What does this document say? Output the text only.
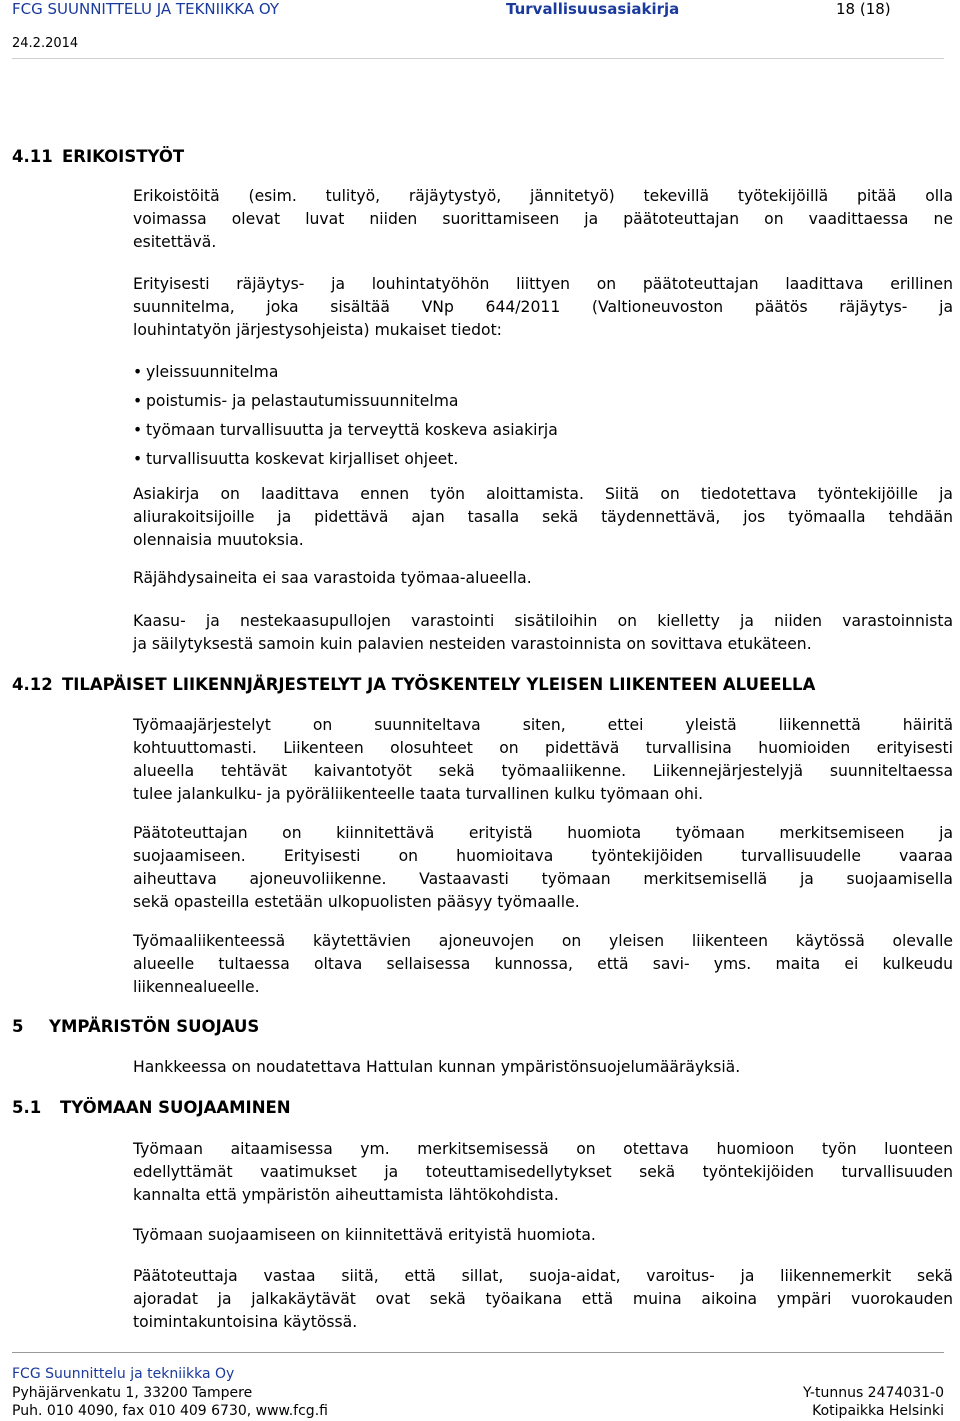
FCG SUUNNITTELU JA TEKNIIKKA OY	Turvallisuusasiakirja	18 (18)
24.2.2014
4.11 ERIKOISTYÖT
Erikoistöitä (esim. tulityö, räjäytystyö, jännitetyö) tekevillä työtekijöillä pitää olla
voimassa olevat luvat niiden suorittamiseen ja päätoteuttajan on vaadittaessa ne
esitettävä.
Erityisesti räjäytys- ja louhintatyöhön liittyen on päätoteuttajan laadittava erillinen
suunnitelma, joka sisältää VNp 644/2011 (Valtioneuvoston päätös räjäytys- ja
louhintatyön järjestysohjeista) mukaiset tiedot:
• yleissuunnitelma
• poistumis- ja pelastautumissuunnitelma
• työmaan turvallisuutta ja terveyttä koskeva asiakirja
• turvallisuutta koskevat kirjalliset ohjeet.
Asiakirja on laadittava ennen työn aloittamista. Siitä on tiedotettava työntekijöille ja
aliurakoitsijoille ja pidettävä ajan tasalla sekä täydennettävä, jos työmaalla tehdään
olennaisia muutoksia.
Räjähdysaineita ei saa varastoida työmaa-alueella.
Kaasu- ja nestekaasupullojen varastointi sisätiloihin on kielletty ja niiden varastoinnista
ja säilytyksestä samoin kuin palavien nesteiden varastoinnista on sovittava etukäteen.
4.12 TILAPÄISET LIIKENNJÄRJESTELYT JA TYÖSKENTELY YLEISEN LIIKENTEEN ALUEELLA
Työmaajärjestelyt on suunniteltava siten, ettei yleistä liikennettä häiritä
kohtuuttomasti. Liikenteen olosuhteet on pidettävä turvallisina huomioiden erityisesti
alueella tehtävät kaivantotyöt sekä työmaaliikenne. Liikennejärjestelyjä suunniteltaessa
tulee jalankulku- ja pyöräliikenteelle taata turvallinen kulku työmaan ohi.
Päätoteuttajan on kiinnitettävä erityistä huomiota työmaan merkitsemiseen ja
suojaamiseen. Erityisesti on huomioitava työntekijöiden turvallisuudelle vaaraa
aiheuttava ajoneuvoliikenne. Vastaavasti työmaan merkitsemisellä ja suojaamisella
sekä opasteilla estetään ulkopuolisten pääsyy työmaalle.
Työmaaliikenteessä käytettävien ajoneuvojen on yleisen liikenteen käytössä olevalle
alueelle tultaessa oltava sellaisessa kunnossa, että savi- yms. maita ei kulkeudu
liikennealueelle.
5 YMPÄRISTÖN SUOJAUS
Hankkeessa on noudatettava Hattulan kunnan ympäristönsuojelumääräyksiä.
5.1 TYÖMAAN SUOJAAMINEN
Työmaan aitaamisessa ym. merkitsemisessä on otettava huomioon työn luonteen
edellyttämät vaatimukset ja toteuttamisedellytykset sekä työntekijöiden turvallisuuden
kannalta että ympäristön aiheuttamista lähtökohdista.
Työmaan suojaamiseen on kiinnitettävä erityistä huomiota.
Päätoteuttaja vastaa siitä, että sillat, suoja-aidat, varoitus- ja liikennemerkit sekä
ajoradat ja jalkakäytävät ovat sekä työaikana että muina aikoina ympäri vuorokauden
toimintakuntoisina käytössä.
FCG Suunnittelu ja tekniikka Oy
Pyhäjärvenkatu 1, 33200 Tampere
Puh. 010 4090, fax 010 409 6730, www.fcg.fi
Y-tunnus 2474031-0
Kotipaikka Helsinki
